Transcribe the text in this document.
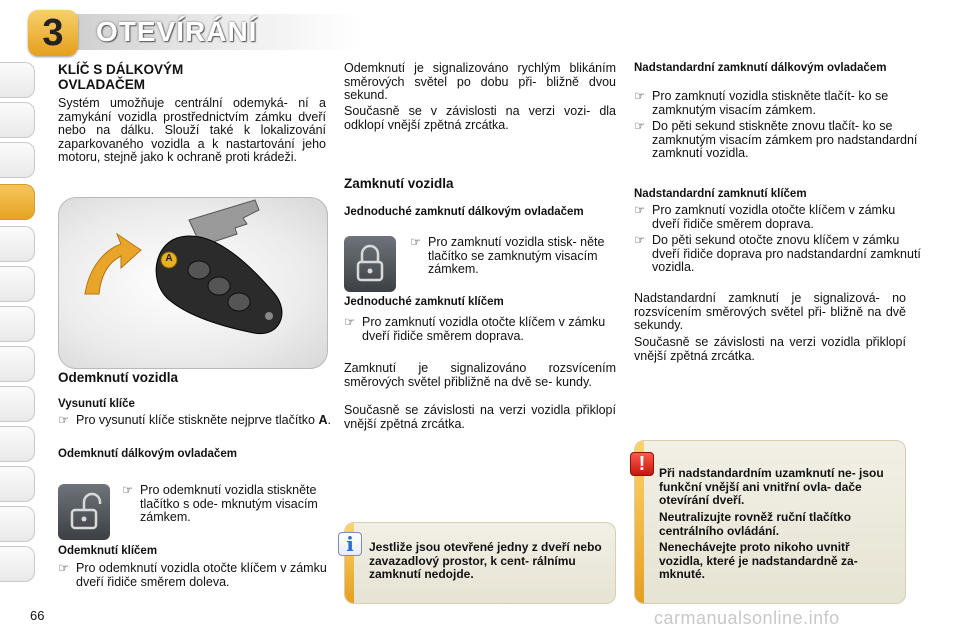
3	OTEVÍRÁNÍ
KLÍČ S DÁLKOVÝM OVLADAČEM
Systém umožňuje centrální odemyká- ní a zamykání vozidla prostřednictvím zámku dveří nebo na dálku. Slouží také k lokalizování zaparkovaného vozidla a k nastartování jeho motoru, stejně jako k ochraně proti krádeži.
A
Odemknutí vozidla
Vysunutí klíče
☞ Pro vysunutí klíče stiskněte nejprve tlačítko A.
Odemknutí dálkovým ovladačem
☞ Pro odemknutí vozidla stiskněte tlačítko s ode- mknutým visacím zámkem.
Odemknutí klíčem
☞ Pro odemknutí vozidla otočte klíčem v zámku dveří řidiče směrem doleva.
66
Odemknutí je signalizováno rychlým blikáním směrových světel po dobu při- bližně dvou sekund.
Současně se v závislosti na verzi vozi- dla odklopí vnější zpětná zrcátka.
Zamknutí vozidla
Jednoduché zamknutí dálkovým ovladačem
☞ Pro zamknutí vozidla stisk- něte tlačítko se zamknutým visacím zámkem.
Jednoduché zamknutí klíčem
☞ Pro zamknutí vozidla otočte klíčem v zámku dveří řidiče směrem doprava.
Zamknutí je signalizováno rozsvícením směrových světel přibližně na dvě se- kundy.
Současně se závislosti na verzi vozidla přiklopí vnější zpětná zrcátka.
Jestliže jsou otevřené jedny z dveří nebo zavazadlový prostor, k cent- rálnímu zamknutí nedojde.
i
Nadstandardní zamknutí dálkovým ovladačem
☞ Pro zamknutí vozidla stiskněte tlačít- ko se zamknutým visacím zámkem.
☞ Do pěti sekund stiskněte znovu tlačít- ko se zamknutým visacím zámkem pro nadstandardní zamknutí vozidla.
Nadstandardní zamknutí klíčem
☞ Pro zamknutí vozidla otočte klíčem v zámku dveří řidiče směrem doprava.
☞ Do pěti sekund otočte znovu klíčem v zámku dveří řidiče doprava pro nadstandardní zamknutí vozidla.
Nadstandardní zamknutí je signalizová- no rozsvícením směrových světel při- bližně na dvě sekundy.
Současně se závislosti na verzi vozidla přiklopí vnější zpětná zrcátka.
Při nadstandardním uzamknutí ne- jsou funkční vnější ani vnitřní ovla- dače otevírání dveří.
Neutralizujte rovněž ruční tlačítko centrálního ovládání.
Nenechávejte proto nikoho uvnitř vozidla, které je nadstandardně za- mknuté.
!
carmanualsonline.info
